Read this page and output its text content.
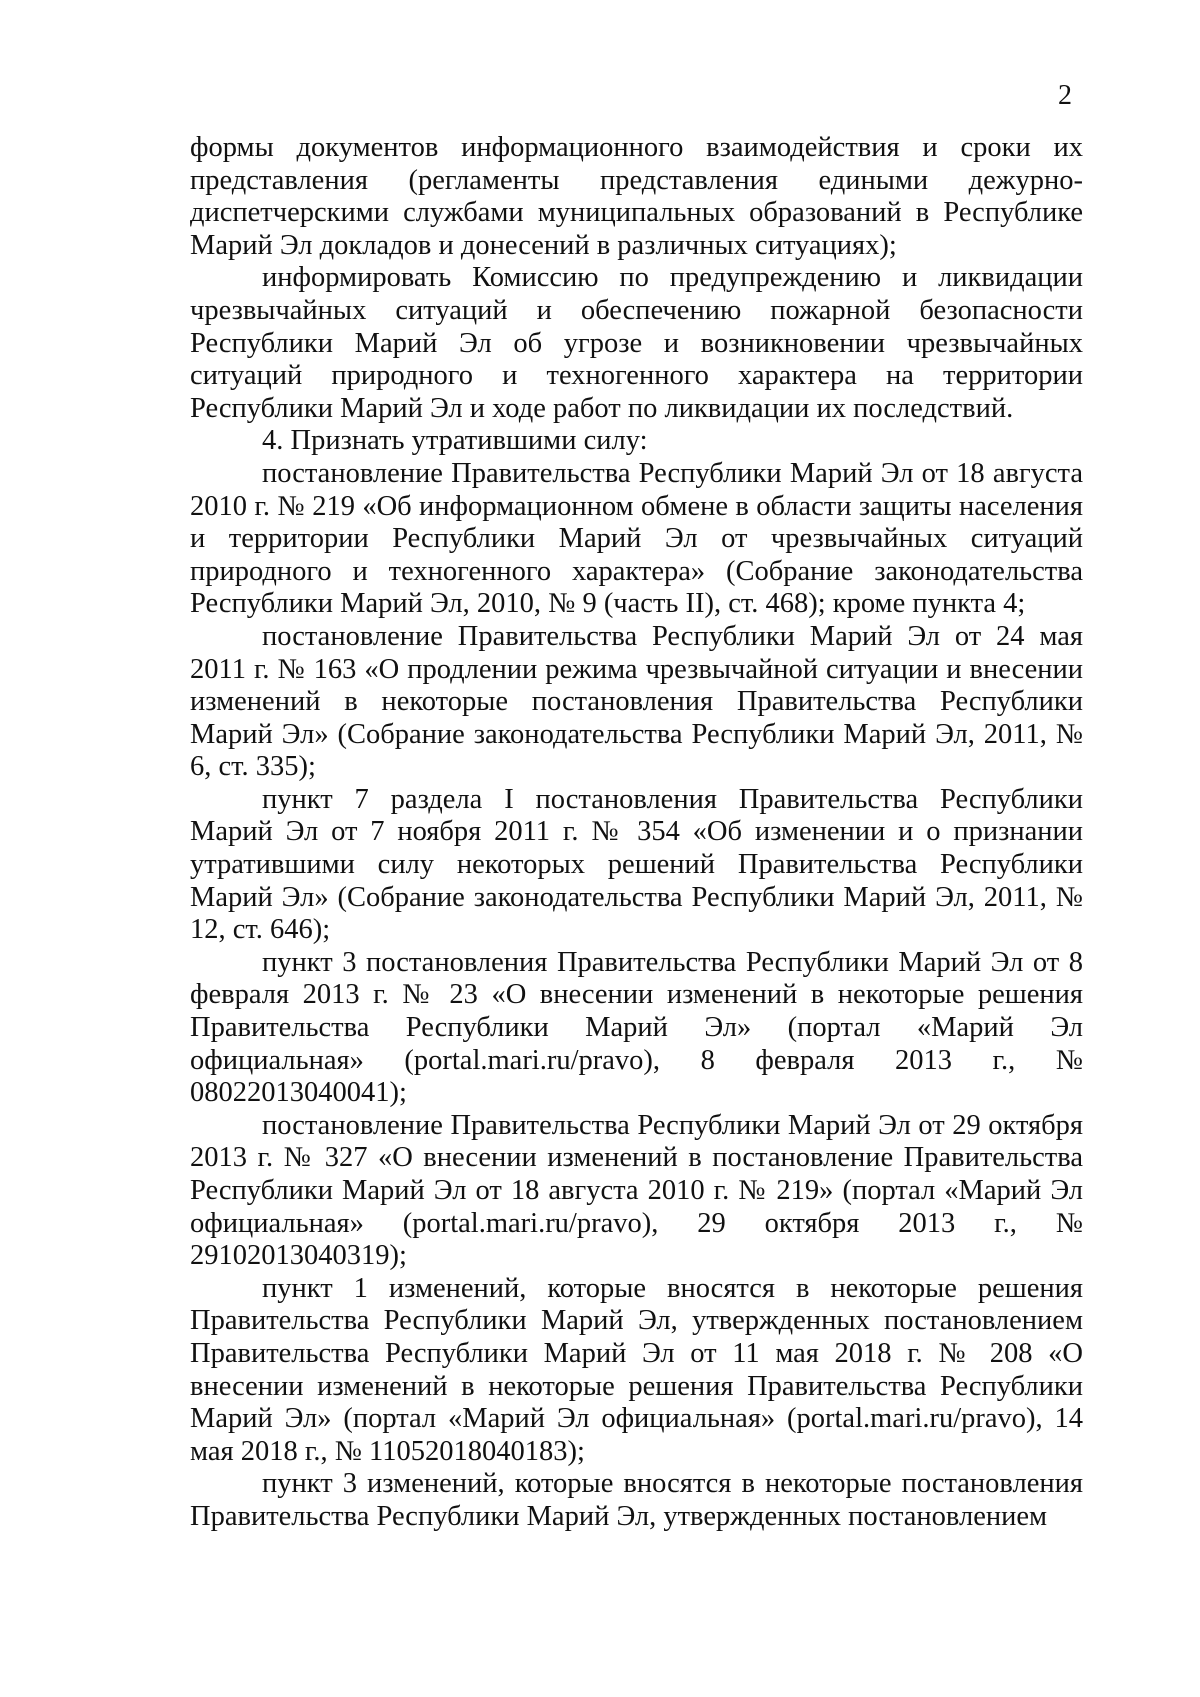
2

формы документов информационного взаимодействия и сроки их представления (регламенты представления едиными дежурно-диспетчерскими службами муниципальных образований в Республике Марий Эл докладов и донесений в различных ситуациях);

информировать Комиссию по предупреждению и ликвидации чрезвычайных ситуаций и обеспечению пожарной безопасности Республики Марий Эл об угрозе и возникновении чрезвычайных ситуаций природного и техногенного характера на территории Республики Марий Эл и ходе работ по ликвидации их последствий.

4. Признать утратившими силу:

постановление Правительства Республики Марий Эл от 18 августа 2010 г. № 219 «Об информационном обмене в области защиты населения и территории Республики Марий Эл от чрезвычайных ситуаций природного и техногенного характера» (Собрание законодательства Республики Марий Эл, 2010, № 9 (часть II), ст. 468); кроме пункта 4;

постановление Правительства Республики Марий Эл от 24 мая 2011 г. № 163 «О продлении режима чрезвычайной ситуации и внесении изменений в некоторые постановления Правительства Республики Марий Эл» (Собрание законодательства Республики Марий Эл, 2011, № 6, ст. 335);

пункт 7 раздела I постановления Правительства Республики Марий Эл от 7 ноября 2011 г. № 354 «Об изменении и о признании утратившими силу некоторых решений Правительства Республики Марий Эл» (Собрание законодательства Республики Марий Эл, 2011, № 12, ст. 646);

пункт 3 постановления Правительства Республики Марий Эл от 8 февраля 2013 г. № 23 «О внесении изменений в некоторые решения Правительства Республики Марий Эл» (портал «Марий Эл официальная» (portal.mari.ru/pravo), 8 февраля 2013 г., № 08022013040041);

постановление Правительства Республики Марий Эл от 29 октября 2013 г. № 327 «О внесении изменений в постановление Правительства Республики Марий Эл от 18 августа 2010 г. № 219» (портал «Марий Эл официальная» (portal.mari.ru/pravo), 29 октября 2013 г., № 29102013040319);

пункт 1 изменений, которые вносятся в некоторые решения Правительства Республики Марий Эл, утвержденных постановлением Правительства Республики Марий Эл от 11 мая 2018 г. № 208 «О внесении изменений в некоторые решения Правительства Республики Марий Эл» (портал «Марий Эл официальная» (portal.mari.ru/pravo), 14 мая 2018 г., № 11052018040183);

пункт 3 изменений, которые вносятся в некоторые постановления Правительства Республики Марий Эл, утвержденных постановлением
